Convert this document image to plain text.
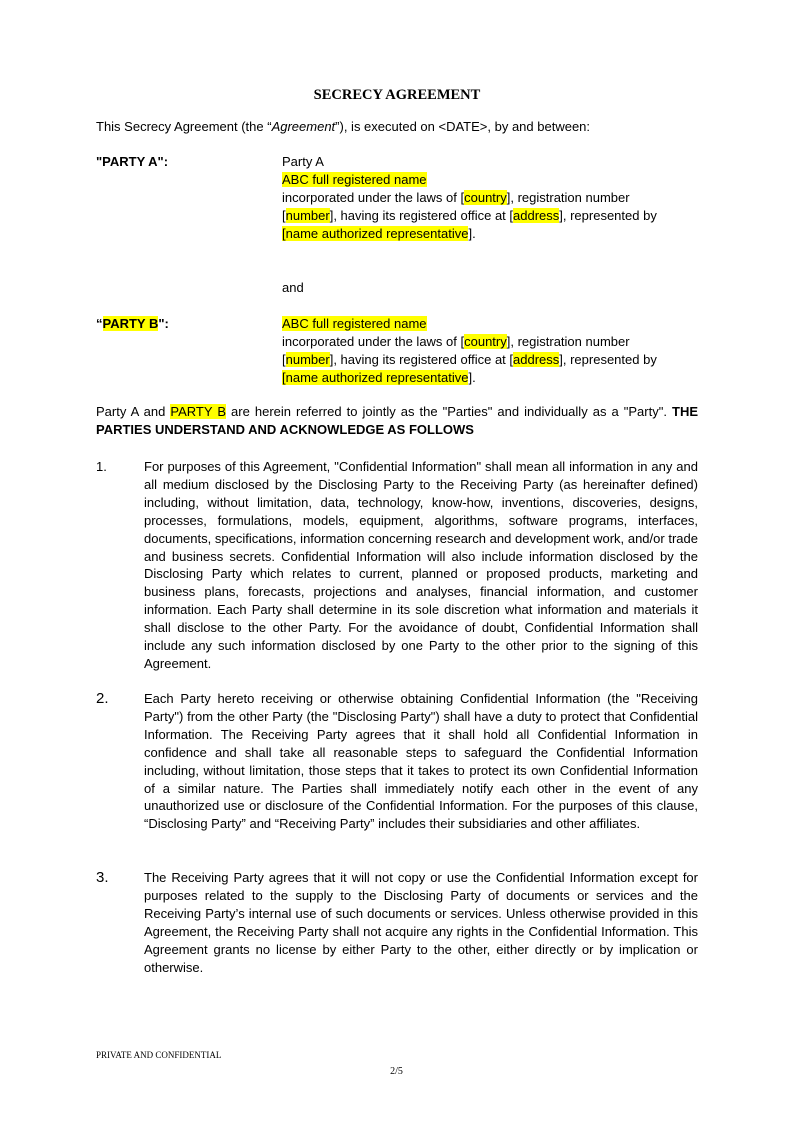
SECRECY AGREEMENT

This Secrecy Agreement (the “Agreement”), is executed on <DATE>, by and between:

"PARTY A":	Party A
ABC full registered name
incorporated under the laws of [country], registration number
[number], having its registered office at [address], represented by
[name authorized representative].
and
“PARTY B":	ABC full registered name
incorporated under the laws of [country], registration number
[number], having its registered office at [address], represented by
[name authorized representative].

Party A and PARTY B are herein referred to jointly as the "Parties" and individually as a "Party". THE PARTIES UNDERSTAND AND ACKNOWLEDGE AS FOLLOWS

1.	For purposes of this Agreement, "Confidential Information" shall mean all information in any and all medium disclosed by the Disclosing Party to the Receiving Party (as hereinafter defined) including, without limitation, data, technology, know-how, inventions, discoveries, designs, processes, formulations, models, equipment, algorithms, software programs, interfaces, documents, specifications, information concerning research and development work, and/or trade and business secrets. Confidential Information will also include information disclosed by the Disclosing Party which relates to current, planned or proposed products, marketing and business plans, forecasts, projections and analyses, financial information, and customer information. Each Party shall determine in its sole discretion what information and materials it shall disclose to the other Party. For the avoidance of doubt, Confidential Information shall include any such information disclosed by one Party to the other prior to the signing of this Agreement.

2.	Each Party hereto receiving or otherwise obtaining Confidential Information (the "Receiving Party") from the other Party (the "Disclosing Party") shall have a duty to protect that Confidential Information. The Receiving Party agrees that it shall hold all Confidential Information in confidence and shall take all reasonable steps to safeguard the Confidential Information including, without limitation, those steps that it takes to protect its own Confidential Information of a similar nature. The Parties shall immediately notify each other in the event of any unauthorized use or disclosure of the Confidential Information. For the purposes of this clause, “Disclosing Party” and “Receiving Party” includes their subsidiaries and other affiliates.

3.	The Receiving Party agrees that it will not copy or use the Confidential Information except for purposes related to the supply to the Disclosing Party of documents or services and the Receiving Party’s internal use of such documents or services. Unless otherwise provided in this Agreement, the Receiving Party shall not acquire any rights in the Confidential Information. This Agreement grants no license by either Party to the other, either directly or by implication or otherwise.

PRIVATE AND CONFIDENTIAL
2/5
